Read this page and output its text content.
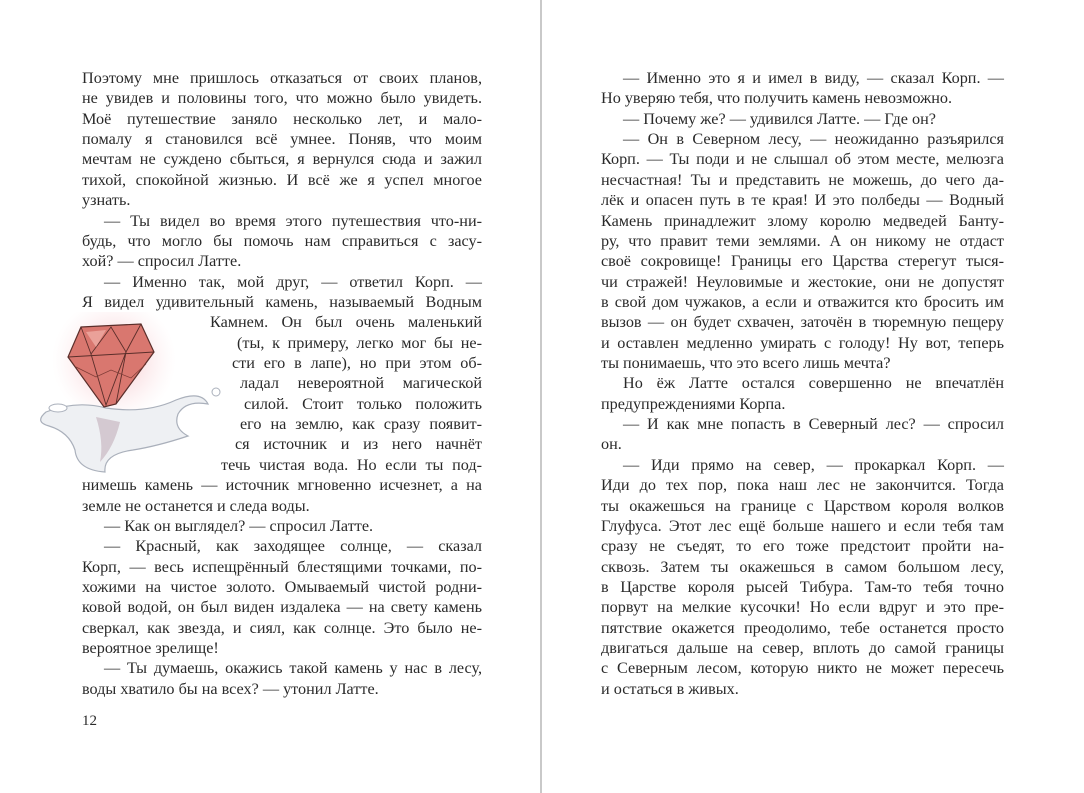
Поэтому мне пришлось отказаться от своих планов,
не увидев и половины того, что можно было увидеть.
Моё путешествие заняло несколько лет, и мало-
помалу я становился всё умнее. Поняв, что моим
мечтам не суждено сбыться, я вернулся сюда и зажил
тихой, спокойной жизнью. И всё же я успел многое
узнать.
— Ты видел во время этого путешествия что-ни-
будь, что могло бы помочь нам справиться с засу-
хой? — спросил Латте.
— Именно так, мой друг, — ответил Корп. —
Я видел удивительный камень, называемый Водным
Камнем. Он был очень маленький
(ты, к примеру, легко мог бы не-
сти его в лапе), но при этом об-
ладал невероятной магической
силой. Стоит только положить
его на землю, как сразу появит-
ся источник и из него начнёт
течь чистая вода. Но если ты под-
нимешь камень — источник мгновенно исчезнет, а на
земле не останется и следа воды.
— Как он выглядел? — спросил Латте.
— Красный, как заходящее солнце, — сказал
Корп, — весь испещрённый блестящими точками, по-
хожими на чистое золото. Омываемый чистой родни-
ковой водой, он был виден издалека — на свету камень
сверкал, как звезда, и сиял, как солнце. Это было не-
вероятное зрелище!
— Ты думаешь, окажись такой камень у нас в лесу,
воды хватило бы на всех? — утонил Латте.
— Именно это я и имел в виду, — сказал Корп. —
Но уверяю тебя, что получить камень невозможно.
— Почему же? — удивился Латте. — Где он?
— Он в Северном лесу, — неожиданно разъярился
Корп. — Ты поди и не слышал об этом месте, мелюзга
несчастная! Ты и представить не можешь, до чего да-
лёк и опасен путь в те края! И это полбеды — Водный
Камень принадлежит злому королю медведей Банту-
ру, что правит теми землями. А он никому не отдаст
своё сокровище! Границы его Царства стерегут тыся-
чи стражей! Неуловимые и жестокие, они не допустят
в свой дом чужаков, а если и отважится кто бросить им
вызов — он будет схвачен, заточён в тюремную пещеру
и оставлен медленно умирать с голоду! Ну вот, теперь
ты понимаешь, что это всего лишь мечта?
Но ёж Латте остался совершенно не впечатлён
предупреждениями Корпа.
— И как мне попасть в Северный лес? — спросил
он.
— Иди прямо на север, — прокаркал Корп. —
Иди до тех пор, пока наш лес не закончится. Тогда
ты окажешься на границе с Царством короля волков
Глуфуса. Этот лес ещё больше нашего и если тебя там
сразу не съедят, то его тоже предстоит пройти на-
сквозь. Затем ты окажешься в самом большом лесу,
в Царстве короля рысей Тибура. Там-то тебя точно
порвут на мелкие кусочки! Но если вдруг и это пре-
пятствие окажется преодолимо, тебе останется просто
двигаться дальше на север, вплоть до самой границы
с Северным лесом, которую никто не может пересечь
и остаться в живых.
12
